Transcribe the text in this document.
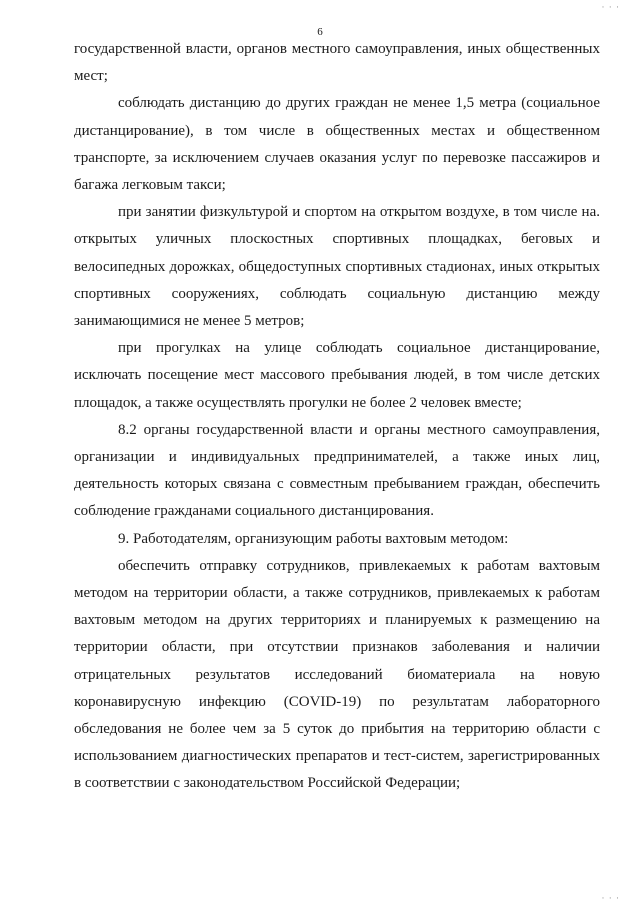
· · ·
6

государственной власти, органов местного самоуправления, иных общественных мест;

соблюдать дистанцию до других граждан не менее 1,5 метра (социальное дистанцирование), в том числе в общественных местах и общественном транспорте, за исключением случаев оказания услуг по перевозке пассажиров и багажа легковым такси;

при занятии физкультурой и спортом на открытом воздухе, в том числе на. открытых уличных плоскостных спортивных площадках, беговых и велосипедных дорожках, общедоступных спортивных стадионах, иных открытых спортивных сооружениях, соблюдать социальную дистанцию между занимающимися не менее 5 метров;

при прогулках на улице соблюдать социальное дистанцирование, исключать посещение мест массового пребывания людей, в том числе детских площадок, а также осуществлять прогулки не более 2 человек вместе;

8.2 органы государственной власти и органы местного самоуправления, организации и индивидуальных предпринимателей, а также иных лиц, деятельность которых связана с совместным пребыванием граждан, обеспечить соблюдение гражданами социального дистанцирования.

9. Работодателям, организующим работы вахтовым методом:

обеспечить отправку сотрудников, привлекаемых к работам вахтовым методом на территории области, а также сотрудников, привлекаемых к работам вахтовым методом на других территориях и планируемых к размещению на территории области, при отсутствии признаков заболевания и наличии отрицательных результатов исследований биоматериала на новую коронавирусную инфекцию (COVID-19) по результатам лабораторного обследования не более чем за 5 суток до прибытия на территорию области с использованием диагностических препаратов и тест-систем, зарегистрированных в соответствии с законодательством Российской Федерации;

· · ·
